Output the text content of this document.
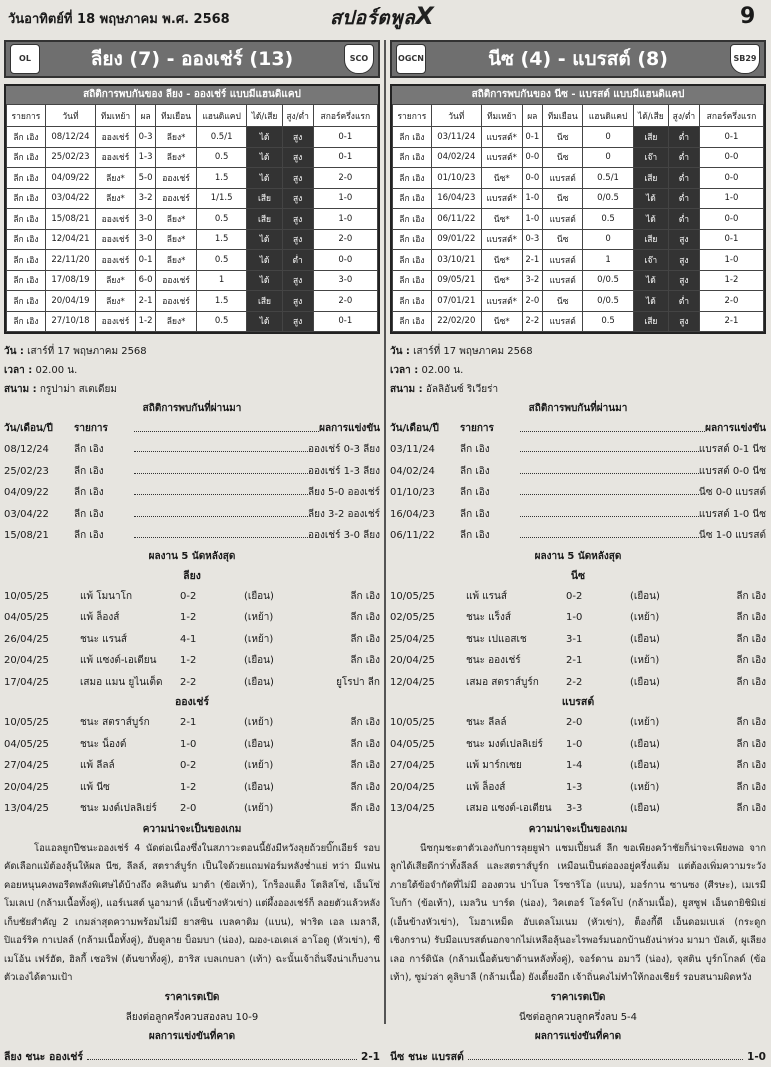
วันอาทิตย์ที่ 18 พฤษภาคม พ.ศ. 2568	สปอร์ตพูลX	9
OL	ลียง (7) - อองเช่ร์ (13)	SCO
สถิติการพบกันของ ลียง - อองเช่ร์ แบบมีแฮนดิแคป
รายการ	วันที่	ทีมเหย้า	ผล	ทีมเยือน	แฮนดิแคป	ได้/เสีย	สูง/ต่ำ	สกอร์ครึ่งแรก
ลีก เอิง	08/12/24	อองเช่ร์	0-3	ลียง*	0.5/1	ได้	สูง	0-1
ลีก เอิง	25/02/23	อองเช่ร์	1-3	ลียง*	0.5	ได้	สูง	0-1
ลีก เอิง	04/09/22	ลียง*	5-0	อองเช่ร์	1.5	ได้	สูง	2-0
ลีก เอิง	03/04/22	ลียง*	3-2	อองเช่ร์	1/1.5	เสีย	สูง	1-0
ลีก เอิง	15/08/21	อองเช่ร์	3-0	ลียง*	0.5	เสีย	สูง	1-0
ลีก เอิง	12/04/21	อองเช่ร์	3-0	ลียง*	1.5	ได้	สูง	2-0
ลีก เอิง	22/11/20	อองเช่ร์	0-1	ลียง*	0.5	ได้	ต่ำ	0-0
ลีก เอิง	17/08/19	ลียง*	6-0	อองเช่ร์	1	ได้	สูง	3-0
ลีก เอิง	20/04/19	ลียง*	2-1	อองเช่ร์	1.5	เสีย	สูง	2-0
ลีก เอิง	27/10/18	อองเช่ร์	1-2	ลียง*	0.5	ได้	สูง	0-1
วัน : เสาร์ที่ 17 พฤษภาคม 2568
เวลา : 02.00 น.
สนาม : กรูปาม่า สเตเดียม
สถิติการพบกันที่ผ่านมา
วัน/เดือน/ปี	รายการ	ผลการแข่งขัน
08/12/24	ลีก เอิง	อองเช่ร์ 0-3 ลียง
25/02/23	ลีก เอิง	อองเช่ร์ 1-3 ลียง
04/09/22	ลีก เอิง	ลียง 5-0 อองเช่ร์
03/04/22	ลีก เอิง	ลียง 3-2 อองเช่ร์
15/08/21	ลีก เอิง	อองเช่ร์ 3-0 ลียง
ผลงาน 5 นัดหลังสุด
ลียง
10/05/25	แพ้ โมนาโก	0-2	(เยือน)	ลีก เอิง
04/05/25	แพ้ ล็องส์	1-2	(เหย้า)	ลีก เอิง
26/04/25	ชนะ แรนส์	4-1	(เหย้า)	ลีก เอิง
20/04/25	แพ้ แซงต์-เอเตียน	1-2	(เยือน)	ลีก เอิง
17/04/25	เสมอ แมน ยูไนเต็ด	2-2	(เยือน)	ยูโรปา ลีก
อองเช่ร์
10/05/25	ชนะ สตราส์บูร์ก	2-1	(เหย้า)	ลีก เอิง
04/05/25	ชนะ น็องต์	1-0	(เยือน)	ลีก เอิง
27/04/25	แพ้ ลีลล์	0-2	(เหย้า)	ลีก เอิง
20/04/25	แพ้ นีซ	1-2	(เยือน)	ลีก เอิง
13/04/25	ชนะ มงต์เปลลิเย่ร์	2-0	(เหย้า)	ลีก เอิง
ความน่าจะเป็นของเกม
โอแอลยูกปีชนะอองเช่ร์ 4 นัดต่อเนื่องซึ่งในสภาวะตอนนี้ยังมีหวังลุยถ้วยบิ๊กเอียร์ รอบคัดเลือกแม้ต้องลุ้นให้ผล นีซ, ลีลล์, สตราส์บูร์ก เป็นใจด้วยแถมฟอร์มหลังช่ำแย่ ทว่า มีแฟนคอยหนุนคงพอรีดพลังพิเศษได้บ้างถึง คลินตัน มาต้า (ข้อเท้า), โกร็องแต็ง โตลิสโซ่, เอ็นโซ่ โมเลเป (กล้ามเนื้อทั้งคู่), แอร์เนสต์ นูอามาห์ (เอ็นข้างหัวเข่า) แต่ผึ้งอองเช่ร์ก็ ลอยตัวแล้วหลังเก็บชัยสำคัญ 2 เกมล่าสุดความพร้อมไม่มี ยาสซิน เบลคาดิม (แบน), ฟาริด เอล เมลาลี, ปิแอร์ริค กาเปลล์ (กล้ามเนื้อทั้งคู่), อับดูลาย บ็อมบา (น่อง), ฌอง-เอเดเล่ อาโอดู (หัวเข่า), ซีเมโอ้น เฟร์ฮัต, ฮิลกี้ เชอริฟ (ต้นขาทั้งคู่), ฮาริส เบลเกบลา (เท้า) ฉะนั้นเจ้าถิ่นจึงน่าเก็บงานตัวเองได้ตามเป้า
ราคาเรตเปิด
ลียงต่อลูกครึ่งควบสองลบ 10-9
ผลการแข่งขันที่คาด
ลียง ชนะ อองเช่ร์	2-1
OGCN	นีซ (4) - แบรสต์ (8)	SB29
สถิติการพบกันของ นีซ - แบรสต์ แบบมีแฮนดิแคป
รายการ	วันที่	ทีมเหย้า	ผล	ทีมเยือน	แฮนดิแคป	ได้/เสีย	สูง/ต่ำ	สกอร์ครึ่งแรก
ลีก เอิง	03/11/24	แบรสต์*	0-1	นีซ	0	เสีย	ต่ำ	0-1
ลีก เอิง	04/02/24	แบรสต์*	0-0	นีซ	0	เจ๊า	ต่ำ	0-0
ลีก เอิง	01/10/23	นีซ*	0-0	แบรสต์	0.5/1	เสีย	ต่ำ	0-0
ลีก เอิง	16/04/23	แบรสต์*	1-0	นีซ	0/0.5	ได้	ต่ำ	1-0
ลีก เอิง	06/11/22	นีซ*	1-0	แบรสต์	0.5	ได้	ต่ำ	0-0
ลีก เอิง	09/01/22	แบรสต์*	0-3	นีซ	0	เสีย	สูง	0-1
ลีก เอิง	03/10/21	นีซ*	2-1	แบรสต์	1	เจ๊า	สูง	1-0
ลีก เอิง	09/05/21	นีซ*	3-2	แบรสต์	0/0.5	ได้	สูง	1-2
ลีก เอิง	07/01/21	แบรสต์*	2-0	นีซ	0/0.5	ได้	ต่ำ	2-0
ลีก เอิง	22/02/20	นีซ*	2-2	แบรสต์	0.5	เสีย	สูง	2-1
วัน : เสาร์ที่ 17 พฤษภาคม 2568
เวลา : 02.00 น.
สนาม : อัลลิอันซ์ ริเวียร่า
สถิติการพบกันที่ผ่านมา
วัน/เดือน/ปี	รายการ	ผลการแข่งขัน
03/11/24	ลีก เอิง	แบรสต์ 0-1 นีซ
04/02/24	ลีก เอิง	แบรสต์ 0-0 นีซ
01/10/23	ลีก เอิง	นีซ 0-0 แบรสต์
16/04/23	ลีก เอิง	แบรสต์ 1-0 นีซ
06/11/22	ลีก เอิง	นีซ 1-0 แบรสต์
ผลงาน 5 นัดหลังสุด
นีซ
10/05/25	แพ้ แรนส์	0-2	(เยือน)	ลีก เอิง
02/05/25	ชนะ แร็งส์	1-0	(เหย้า)	ลีก เอิง
25/04/25	ชนะ เปแอสเช	3-1	(เยือน)	ลีก เอิง
20/04/25	ชนะ อองเช่ร์	2-1	(เหย้า)	ลีก เอิง
12/04/25	เสมอ สตราส์บูร์ก	2-2	(เยือน)	ลีก เอิง
แบรสต์
10/05/25	ชนะ ลีลล์	2-0	(เหย้า)	ลีก เอิง
04/05/25	ชนะ มงต์เปลลิเย่ร์	1-0	(เยือน)	ลีก เอิง
27/04/25	แพ้ มาร์กเซย	1-4	(เยือน)	ลีก เอิง
20/04/25	แพ้ ล็องส์	1-3	(เหย้า)	ลีก เอิง
13/04/25	เสมอ แซงต์-เอเตียน	3-3	(เยือน)	ลีก เอิง
ความน่าจะเป็นของเกม
นีซกุมชะตาตัวเองกับการลุยยูฟ่า แชมเปี้ยนส์ ลีก ขอเพียงคว้าชัยก็น่าจะเพียงพอ จากลูกได้เสียดีกว่าทั้งลีลล์ และสตราส์บูร์ก เหมือนเป็นต่อองอยู่ครึ่งแต้ม แต่ต้องเพิ่มความระวัง ภายใต้ข้อจำกัดที่ไม่มี อองตวน ปาโบล โรซาริโอ (แบน), มอร์กาน ซานซง (ศีรษะ), เมเรมี โบก้า (ข้อเท้า), เมลวิน บาร์ด (น่อง), วิคเตอร์ โอร์คโป (กล้ามเนื้อ), ยูสซูฟ เอ็นดายิชิมิเย่ (เอ็นข้างหัวเข่า), โมฮาเหม็ด อับเดลโมเนม (หัวเข่า), ต็องกี้ดี เอ็นดอมเบเล่ (กระดูก เชิงกราน) รับมือแบรสต์นอกจากไม่เหลือลุ้นอะไรพอร์มนอกบ้านยังน่าห่วง มามา บัลเด้, ผูเลียง เลอ การ์ดินัล (กล้ามเนื้อต้นขาด้านหลังทั้งคู่), จอร์ดาน อมาวี (น่อง), จุสติน บูร์กโกลด์ (ข้อเท้า), ซูม่วล่า คูลิบาลี (กล้ามเนื้อ) ยังเดี้ยงอีก เจ้าถิ่นคงไม่ทำให้กองเชียร์ รอบสนามผิดหวัง
ราคาเรตเปิด
นีซต่อลูกควบลูกครึ่งลบ 5-4
ผลการแข่งขันที่คาด
นีซ ชนะ แบรสต์	1-0
